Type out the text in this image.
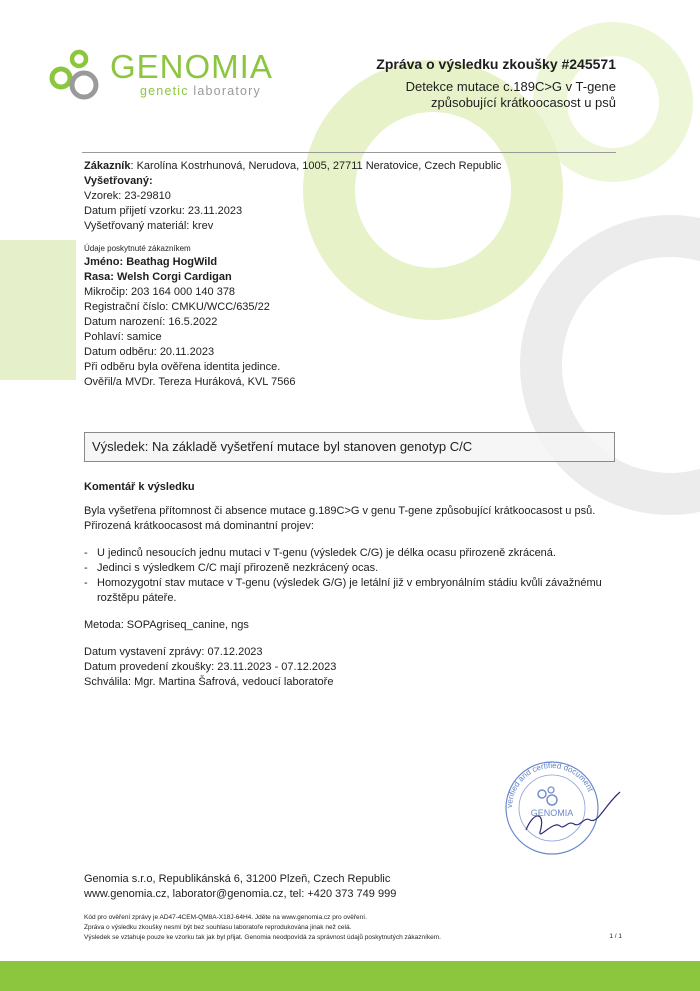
GENOMIA
genetic laboratory
Zpráva o výsledku zkoušky #245571
Detekce mutace c.189C>G v T-gene
způsobující krátkoocasost u psů
Zákazník: Karolína Kostrhunová, Nerudova, 1005, 27711 Neratovice, Czech Republic
Vyšetřovaný:
Vzorek: 23-29810
Datum přijetí vzorku: 23.11.2023
Vyšetřovaný materiál: krev
Údaje poskytnuté zákazníkem
Jméno: Beathag HogWild
Rasa: Welsh Corgi Cardigan
Mikročip: 203 164 000 140 378
Registrační číslo: CMKU/WCC/635/22
Datum narození: 16.5.2022
Pohlaví: samice
Datum odběru: 20.11.2023
Při odběru byla ověřena identita jedince.
Ověřil/a MVDr. Tereza Huráková, KVL 7566
Výsledek: Na základě vyšetření mutace byl stanoven genotyp C/C
Komentář k výsledku

Byla vyšetřena přítomnost či absence mutace g.189C>G v genu T-gene způsobující krátkoocasost u psů.

Přirozená krátkoocasost má dominantní projev:

- U jedinců nesoucích jednu mutaci v T-genu (výsledek C/G) je délka ocasu přirozeně zkrácená.
- Jedinci s výsledkem C/C mají přirozeně nezkrácený ocas.
- Homozygotní stav mutace v T-genu (výsledek G/G) je letální již v embryonálním stádiu kvůli závažnému rozštěpu páteře.

Metoda: SOPAgriseq_canine, ngs

Datum vystavení zprávy: 07.12.2023

Datum provedení zkoušky: 23.11.2023 - 07.12.2023

Schválila: Mgr. Martina Šafrová, vedoucí laboratoře

verified and certified document
GENOMIA
Genomia s.r.o, Republikánská 6, 31200 Plzeň, Czech Republic
www.genomia.cz, laborator@genomia.cz, tel: +420 373 749 999
Kód pro ověření zprávy je AD47-4CEM-QM8A-X18J-64H4. Jděte na www.genomia.cz pro ověření.
Zpráva o výsledku zkoušky nesmí být bez souhlasu laboratoře reprodukována jinak než celá.
Výsledek se vztahuje pouze ke vzorku tak jak byl přijat. Genomia neodpovídá za správnost údajů poskytnutých zákazníkem.	1 / 1
